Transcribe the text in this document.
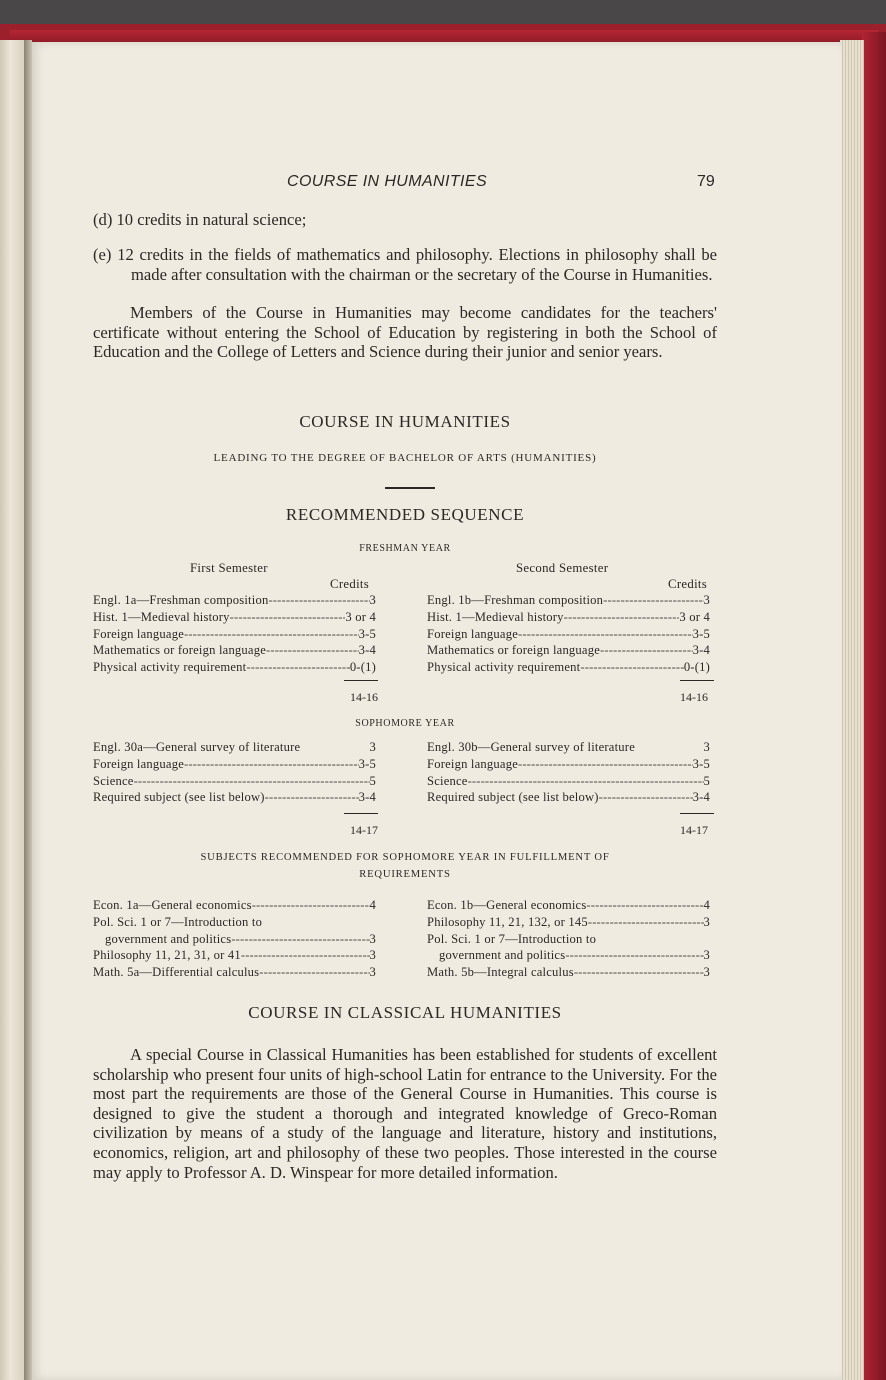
COURSE IN HUMANITIES	79
(d) 10 credits in natural science;
(e) 12 credits in the fields of mathematics and philosophy. Elections in philosophy shall be made after consultation with the chairman or the secretary of the Course in Humanities.
Members of the Course in Humanities may become candidates for the teachers' certificate without entering the School of Education by registering in both the School of Education and the College of Letters and Science during their junior and senior years.
COURSE IN HUMANITIES
LEADING TO THE DEGREE OF BACHELOR OF ARTS (HUMANITIES)
RECOMMENDED SEQUENCE
FRESHMAN YEAR
First Semester	Second Semester
Credits	Credits
Engl. 1a—Freshman composition - - -	3
Hist. 1—Medieval history - - -	3 or 4
Foreign language - - -	3-5
Mathematics or foreign language - - -	3-4
Physical activity requirement - - -	0-(1)
Engl. 1b—Freshman composition - - -	3
Hist. 1—Medieval history - - -	3 or 4
Foreign language - - -	3-5
Mathematics or foreign language - - -	3-4
Physical activity requirement - - -	0-(1)
14-16	14-16
SOPHOMORE YEAR
Engl. 30a—General survey of literature	3
Foreign language - - -	3-5
Science - - -	5
Required subject (see list below) - - -	3-4
Engl. 30b—General survey of literature	3
Foreign language - - -	3-5
Science - - -	5
Required subject (see list below) - - -	3-4
14-17	14-17
SUBJECTS RECOMMENDED FOR SOPHOMORE YEAR IN FULFILLMENT OF
REQUIREMENTS
Econ. 1a—General economics - - -	4
Pol. Sci. 1 or 7—Introduction to
government and politics - - -	3
Philosophy 11, 21, 31, or 41 - - -	3
Math. 5a—Differential calculus - - -	3
Econ. 1b—General economics - - -	4
Philosophy 11, 21, 132, or 145 - - -	3
Pol. Sci. 1 or 7—Introduction to
government and politics - - -	3
Math. 5b—Integral calculus - - -	3
COURSE IN CLASSICAL HUMANITIES
A special Course in Classical Humanities has been established for students of excellent scholarship who present four units of high-school Latin for entrance to the University. For the most part the requirements are those of the General Course in Humanities. This course is designed to give the student a thorough and integrated knowledge of Greco-Roman civilization by means of a study of the language and literature, history and institutions, economics, religion, art and philosophy of these two peoples. Those interested in the course may apply to Professor A. D. Winspear for more detailed information.
